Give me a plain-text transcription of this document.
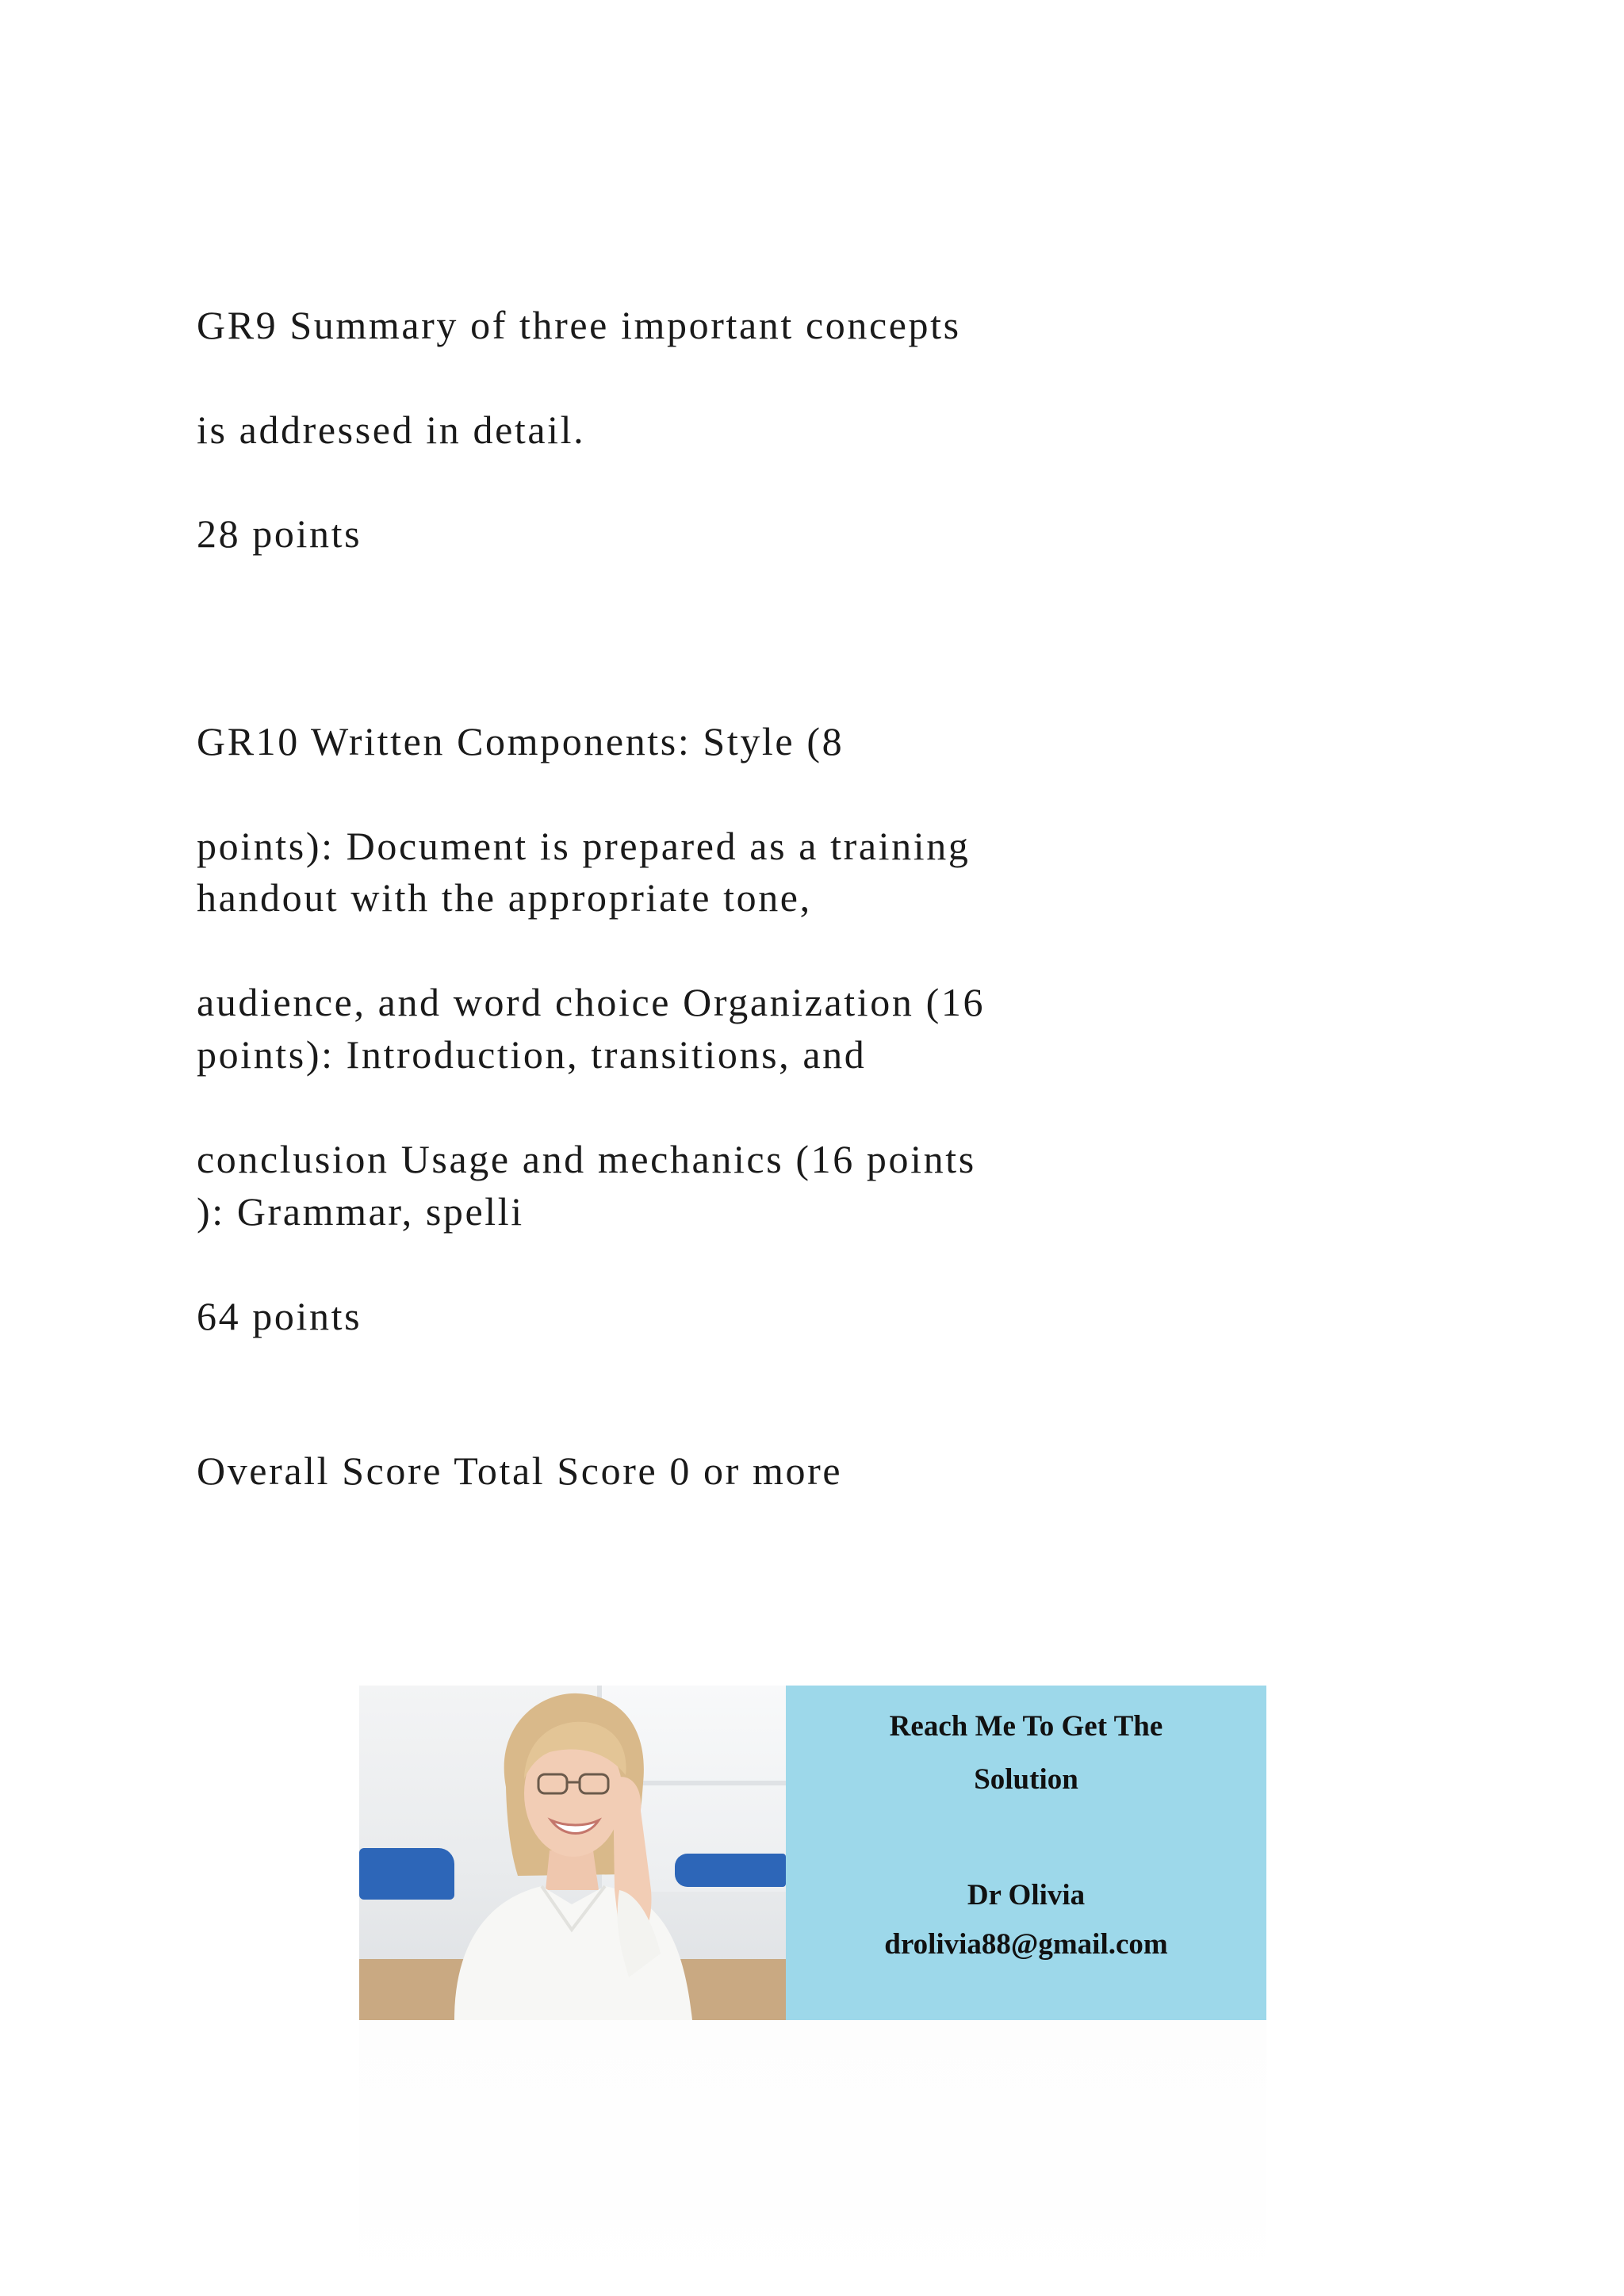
GR9 Summary of three important concepts
is addressed in detail.
28 points
GR10 Written Components: Style (8
points): Document is prepared as a training
handout with the appropriate tone,
audience, and word choice Organization (16
points): Introduction, transitions, and
conclusion Usage and mechanics (16 points
): Grammar, spelli
64 points
Overall Score Total Score 0 or more
Reach Me To Get The
Solution
Dr Olivia
drolivia88@gmail.com
